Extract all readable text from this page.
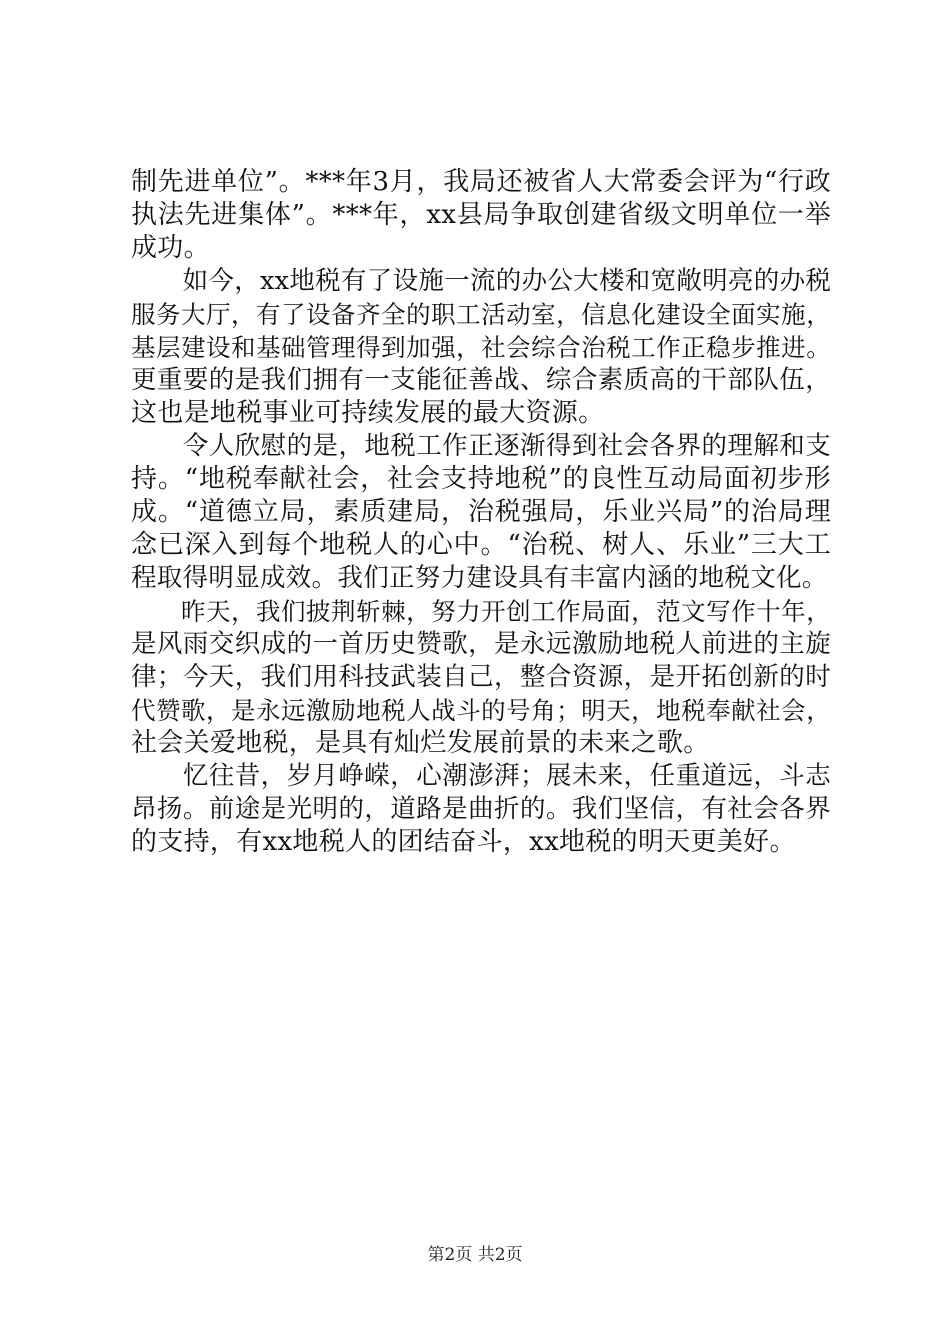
制先进单位”。***年3月，我局还被省人大常委会评为“行政
执法先进集体”。***年，xx县局争取创建省级文明单位一举
成功。
　　如今，xx地税有了设施一流的办公大楼和宽敞明亮的办税
服务大厅，有了设备齐全的职工活动室，信息化建设全面实施，
基层建设和基础管理得到加强，社会综合治税工作正稳步推进。
更重要的是我们拥有一支能征善战、综合素质高的干部队伍，
这也是地税事业可持续发展的最大资源。
　　令人欣慰的是，地税工作正逐渐得到社会各界的理解和支
持。“地税奉献社会，社会支持地税”的良性互动局面初步形
成。“道德立局，素质建局，治税强局，乐业兴局”的治局理
念已深入到每个地税人的心中。“治税、树人、乐业”三大工
程取得明显成效。我们正努力建设具有丰富内涵的地税文化。
　　昨天，我们披荆斩棘，努力开创工作局面，范文写作十年，
是风雨交织成的一首历史赞歌，是永远激励地税人前进的主旋
律；今天，我们用科技武装自己，整合资源，是开拓创新的时
代赞歌，是永远激励地税人战斗的号角；明天，地税奉献社会，
社会关爱地税，是具有灿烂发展前景的未来之歌。
　　忆往昔，岁月峥嵘，心潮澎湃；展未来，任重道远，斗志
昂扬。前途是光明的，道路是曲折的。我们坚信，有社会各界
的支持，有xx地税人的团结奋斗，xx地税的明天更美好。
第2页 共2页
